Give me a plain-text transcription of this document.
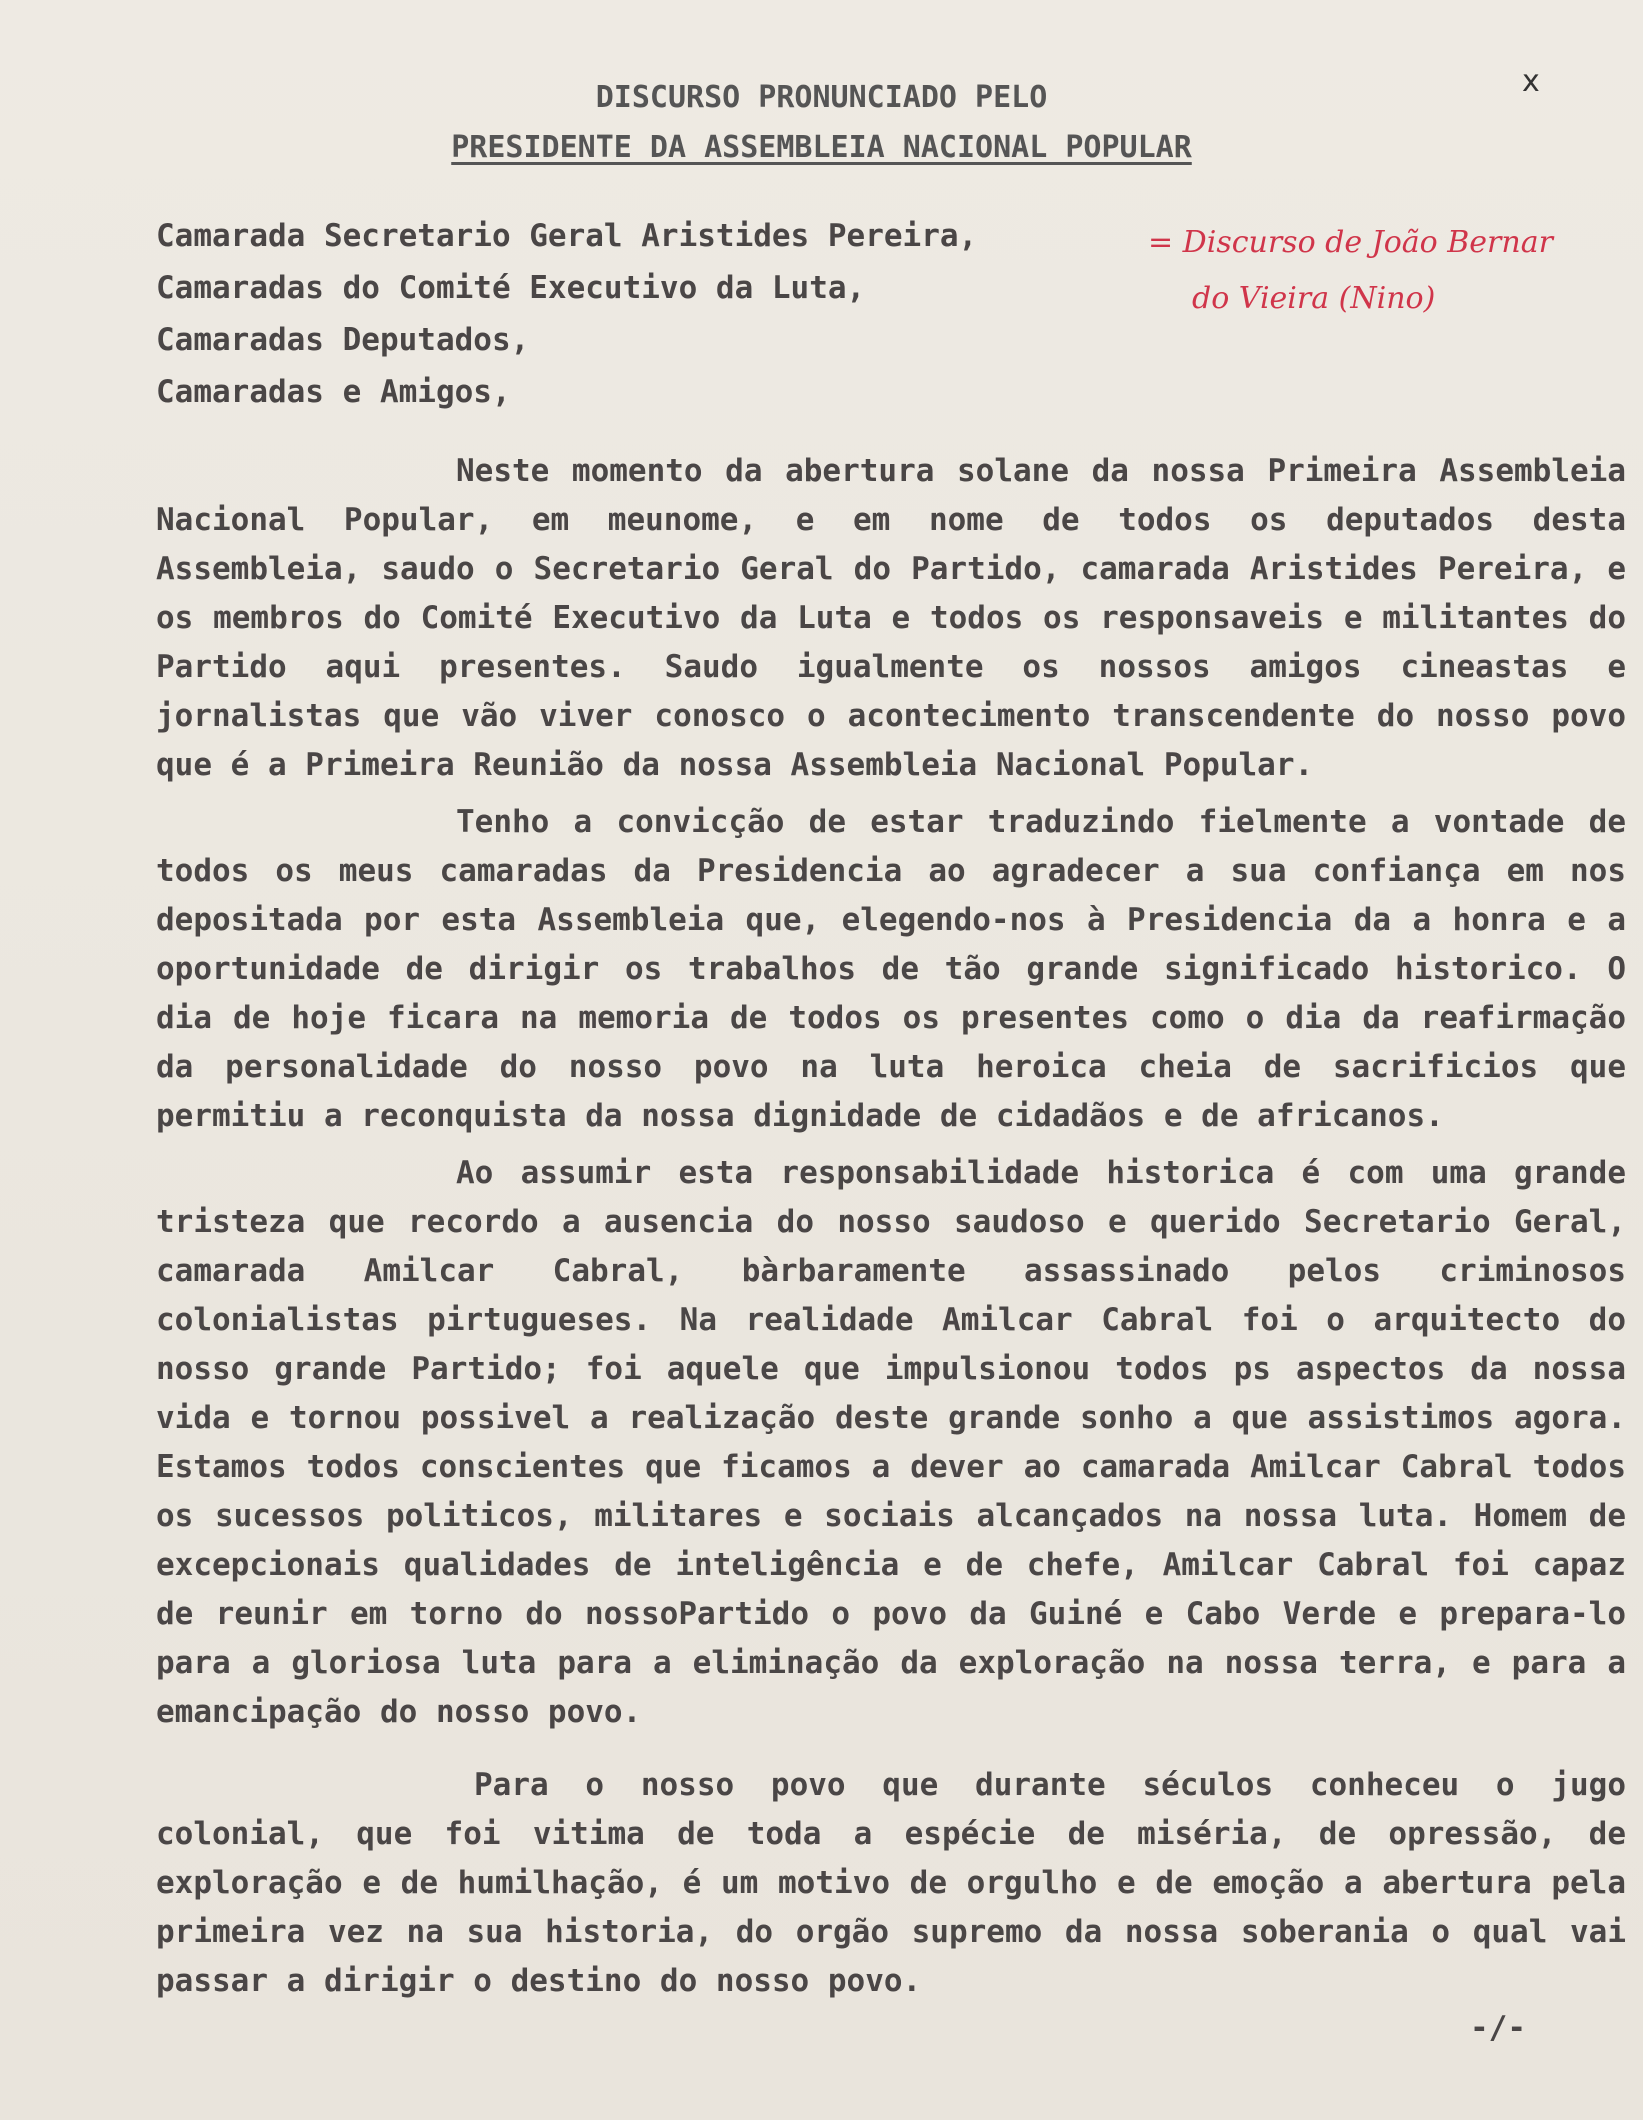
x
DISCURSO PRONUNCIADO PELO
PRESIDENTE DA ASSEMBLEIA NACIONAL POPULAR
Camarada Secretario Geral Aristides Pereira,
Camaradas do Comité Executivo da Luta,
Camaradas Deputados,
Camaradas e Amigos,
= Discurso de João Bernar
do Vieira (Nino)

Neste momento da abertura solane da nossa Primeira Assembleia Nacional Popular, em meunome, e em nome de todos os deputados desta Assembleia, saudo o Secretario Geral do Partido, camarada Aristides Pereira, e os membros do Comité Executivo da Luta e todos os responsaveis e militantes do Partido aqui presentes. Saudo igualmente os nossos amigos cineastas e jornalistas que vão viver conosco o acontecimento transcendente do nosso povo que é a Primeira Reunião da nossa Assembleia Nacional Popular.

Tenho a convicção de estar traduzindo fielmente a vontade de todos os meus camaradas da Presidencia ao agradecer a sua confiança em nos depositada por esta Assembleia que, elegendo-nos à Presidencia da a honra e a oportunidade de dirigir os trabalhos de tão grande significado historico. O dia de hoje ficara na memoria de todos os presentes como o dia da reafirmação da personalidade do nosso povo na luta heroica cheia de sacrificios que permitiu a reconquista da nossa dignidade de cidadãos e de africanos.

Ao assumir esta responsabilidade historica é com uma grande tristeza que recordo a ausencia do nosso saudoso e querido Secretario Geral, camarada Amilcar Cabral, bàrbaramente assassinado pelos criminosos colonialistas pirtugueses. Na realidade Amilcar Cabral foi o arquitecto do nosso grande Partido; foi aquele que impulsionou todos ps aspectos da nossa vida e tornou possivel a realização deste grande sonho a que assistimos agora. Estamos todos conscientes que ficamos a dever ao camarada Amilcar Cabral todos os sucessos politicos, militares e sociais alcançados na nossa luta. Homem de excepcionais qualidades de inteligência e de chefe, Amilcar Cabral foi capaz de reunir em torno do nossoPartido o povo da Guiné e Cabo Verde e prepara-lo para a gloriosa luta para a eliminação da exploração na nossa terra, e para a emancipação do nosso povo.

Para o nosso povo que durante séculos conheceu o jugo colonial, que foi vitima de toda a espécie de miséria, de opressão, de exploração e de humilhação, é um motivo de orgulho e de emoção a abertura pela primeira vez na sua historia, do orgão supremo da nossa soberania o qual vai passar a dirigir o destino do nosso povo.

-/-
